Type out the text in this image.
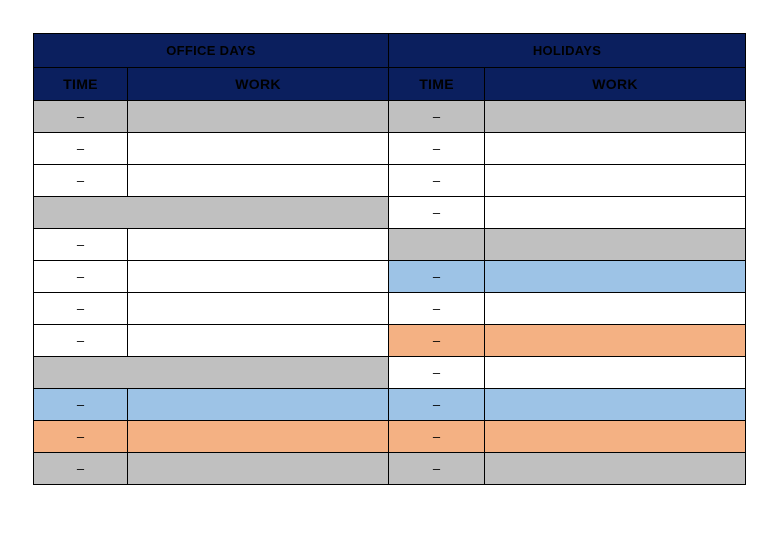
OFFICE DAYS		HOLIDAYS	
TIME	WORK	TIME	WORK
–		–	
–		–	
–		–	
		–	
–			
–		–	
–		–	
–		–	
		–	
–		–	
–		–	
–		–	
